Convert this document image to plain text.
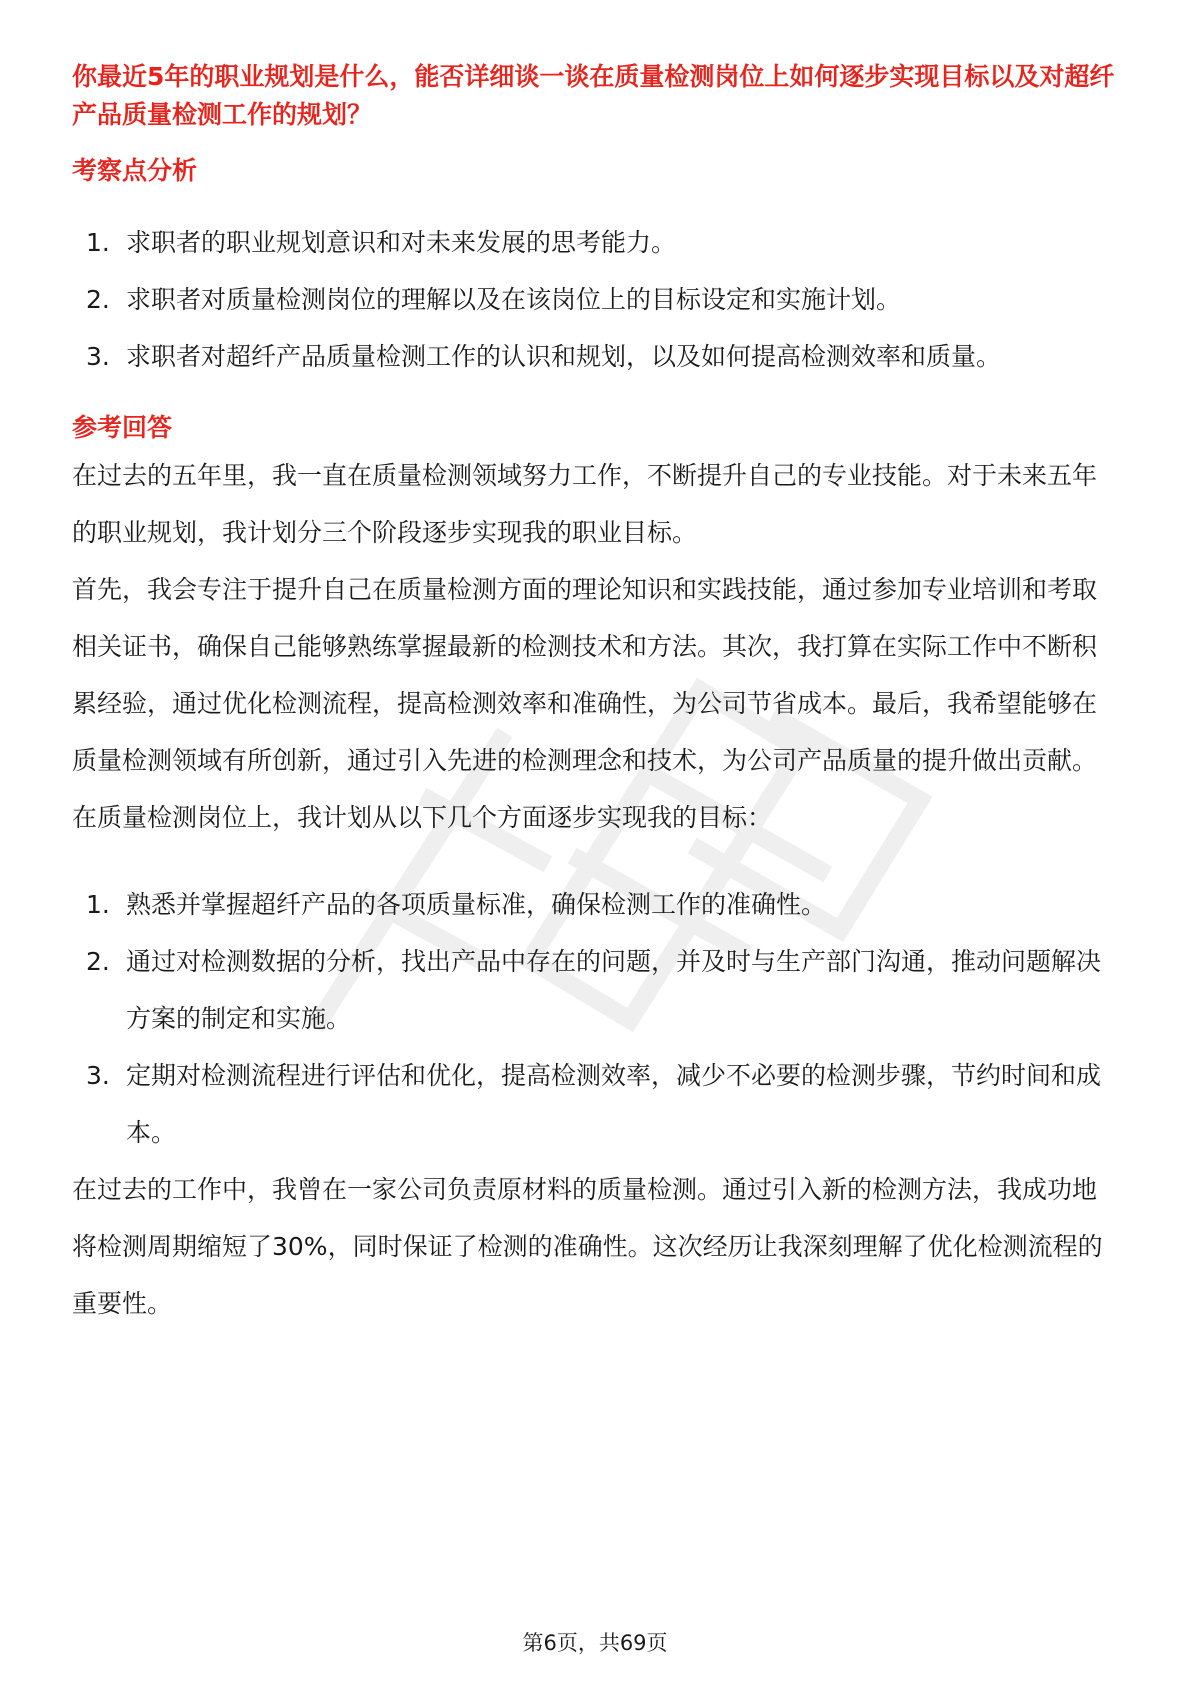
你最近5年的职业规划是什么，能否详细谈一谈在质量检测岗位上如何逐步实现目标以及对超纤产品质量检测工作的规划？

考察点分析
1. 求职者的职业规划意识和对未来发展的思考能力。
2. 求职者对质量检测岗位的理解以及在该岗位上的目标设定和实施计划。
3. 求职者对超纤产品质量检测工作的认识和规划，以及如何提高检测效率和质量。
参考回答

在过去的五年里，我一直在质量检测领域努力工作，不断提升自己的专业技能。对于未来五年的职业规划，我计划分三个阶段逐步实现我的职业目标。

首先，我会专注于提升自己在质量检测方面的理论知识和实践技能，通过参加专业培训和考取相关证书，确保自己能够熟练掌握最新的检测技术和方法。其次，我打算在实际工作中不断积累经验，通过优化检测流程，提高检测效率和准确性，为公司节省成本。最后，我希望能够在质量检测领域有所创新，通过引入先进的检测理念和技术，为公司产品质量的提升做出贡献。

在质量检测岗位上，我计划从以下几个方面逐步实现我的目标：

1. 熟悉并掌握超纤产品的各项质量标准，确保检测工作的准确性。
2. 通过对检测数据的分析，找出产品中存在的问题，并及时与生产部门沟通，推动问题解决方案的制定和实施。
3. 定期对检测流程进行评估和优化，提高检测效率，减少不必要的检测步骤，节约时间和成本。

在过去的工作中，我曾在一家公司负责原材料的质量检测。通过引入新的检测方法，我成功地将检测周期缩短了30%，同时保证了检测的准确性。这次经历让我深刻理解了优化检测流程的重要性。

第6页，共69页
